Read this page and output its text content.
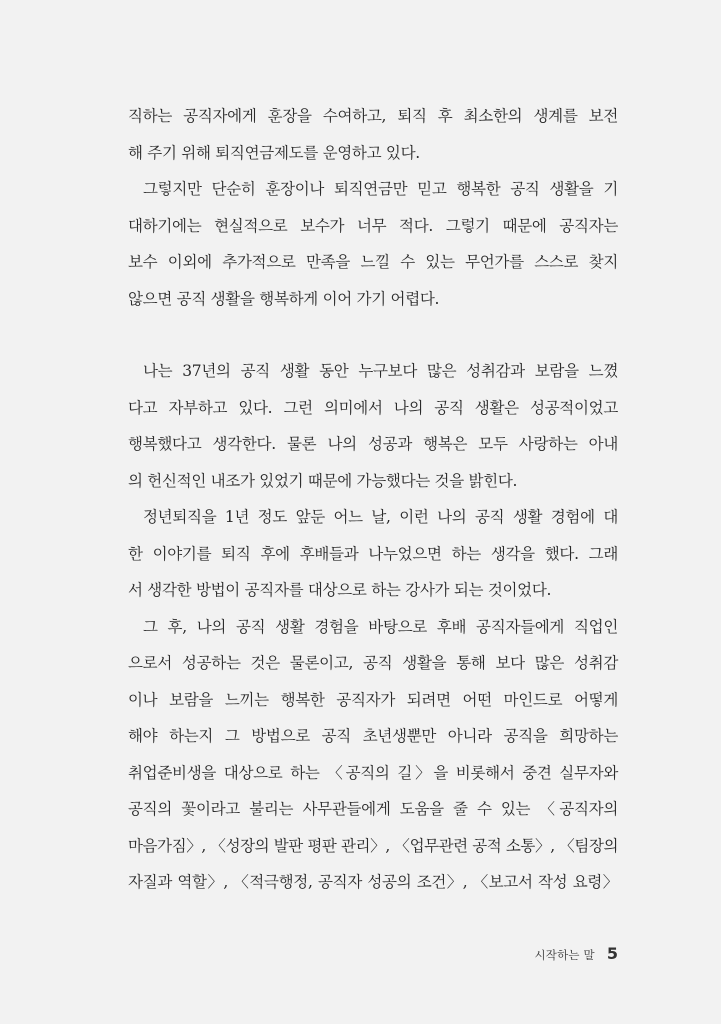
직하는 공직자에게 훈장을 수여하고, 퇴직 후 최소한의 생계를 보전
해 주기 위해 퇴직연금제도를 운영하고 있다.
그렇지만 단순히 훈장이나 퇴직연금만 믿고 행복한 공직 생활을 기
대하기에는 현실적으로 보수가 너무 적다. 그렇기 때문에 공직자는
보수 이외에 추가적으로 만족을 느낄 수 있는 무언가를 스스로 찾지
않으면 공직 생활을 행복하게 이어 가기 어렵다.
나는 37년의 공직 생활 동안 누구보다 많은 성취감과 보람을 느꼈
다고 자부하고 있다. 그런 의미에서 나의 공직 생활은 성공적이었고
행복했다고 생각한다. 물론 나의 성공과 행복은 모두 사랑하는 아내
의 헌신적인 내조가 있었기 때문에 가능했다는 것을 밝힌다.
정년퇴직을 1년 정도 앞둔 어느 날, 이런 나의 공직 생활 경험에 대
한 이야기를 퇴직 후에 후배들과 나누었으면 하는 생각을 했다. 그래
서 생각한 방법이 공직자를 대상으로 하는 강사가 되는 것이었다.
그 후, 나의 공직 생활 경험을 바탕으로 후배 공직자들에게 직업인
으로서 성공하는 것은 물론이고, 공직 생활을 통해 보다 많은 성취감
이나 보람을 느끼는 행복한 공직자가 되려면 어떤 마인드로 어떻게
해야 하는지 그 방법으로 공직 초년생뿐만 아니라 공직을 희망하는
취업준비생을 대상으로 하는 〈공직의 길〉을 비롯해서 중견 실무자와
공직의 꽃이라고 불리는 사무관들에게 도움을 줄 수 있는 〈공직자의
마음가짐〉, 〈성장의 발판 평판 관리〉, 〈업무관련 공적 소통〉, 〈팀장의
자질과 역할〉, 〈적극행정, 공직자 성공의 조건〉, 〈보고서 작성 요령〉
시작하는 말 5
